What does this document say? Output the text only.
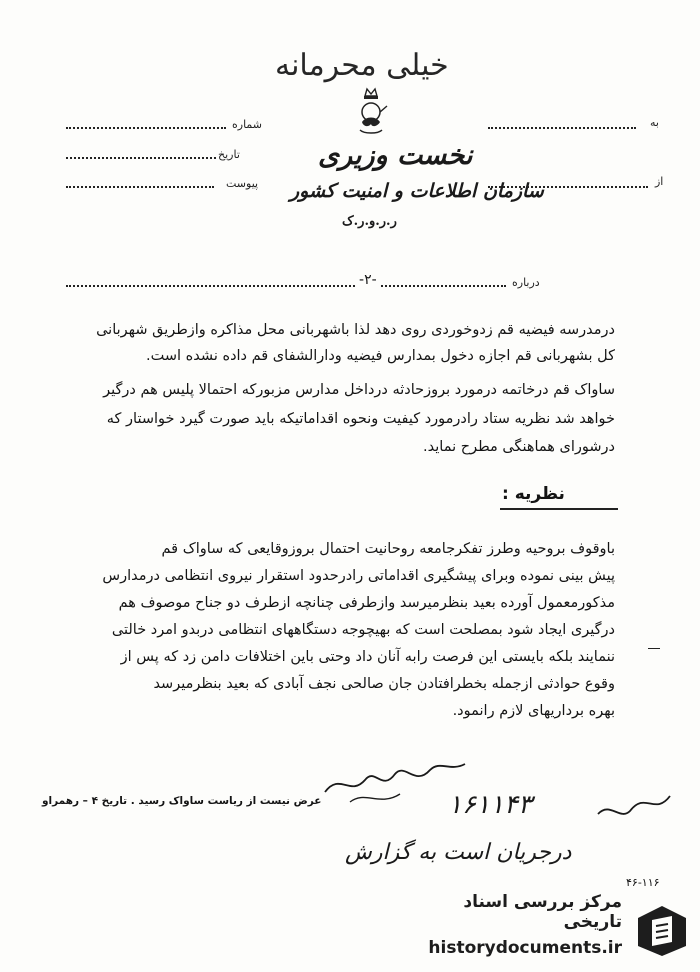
خیلی محرمانه
نخست وزیری
سازمان اطلاعات و امنیت کشور
ر.ر.و.ر.ک
شماره
تاریخ
پیوست
به
از
درباره
-۲-
درمدرسه فیضیه قم زدوخوردی روی دهد لذا باشهربانی محل مذاکره وازطریق شهربانی
کل بشهربانی قم اجازه دخول بمدارس فیضیه ودارالشفای قم داده نشده است.
ساواک قم درخاتمه درمورد بروزحادثه درداخل مدارس مزبورکه احتمالا پلیس هم درگیر
خواهد شد نظریه ستاد رادرمورد کیفیت ونحوه اقداماتیکه باید صورت گیرد خواستار که
درشورای هماهنگی مطرح نماید.
نظریه :
باوقوف بروحیه وطرز تفکرجامعه روحانیت احتمال بروزوقایعی که ساواک قم
پیش بینی نموده وبرای پیشگیری اقداماتی رادرحدود استقرار نیروی انتظامی درمدارس
مذکورمعمول آورده بعید بنظرمیرسد وازطرفی چنانچه ازطرف دو جناح موصوف هم
درگیری ایجاد شود بمصلحت است که بهیچوجه دستگاههای انتظامی دربدو امرد خالتی
ننمایند بلکه بایستی این فرصت رابه آنان داد وحتی باین اختلافات دامن زد که پس از
وقوع حوادثی ازجمله بخطرافتادن جان صالحی نجف آبادی که بعید بنظرمیرسد
بهره برداریهای لازم رانمود.
عرض نیست از ریاست ساواک رسید . تاریخ ۴ – رهمراو	۱۶۱۱۴۳
درجریان است به گزارش
۴۶-۱۱۶
مرکز بررسی اسناد تاریخی
historydocuments.ir
